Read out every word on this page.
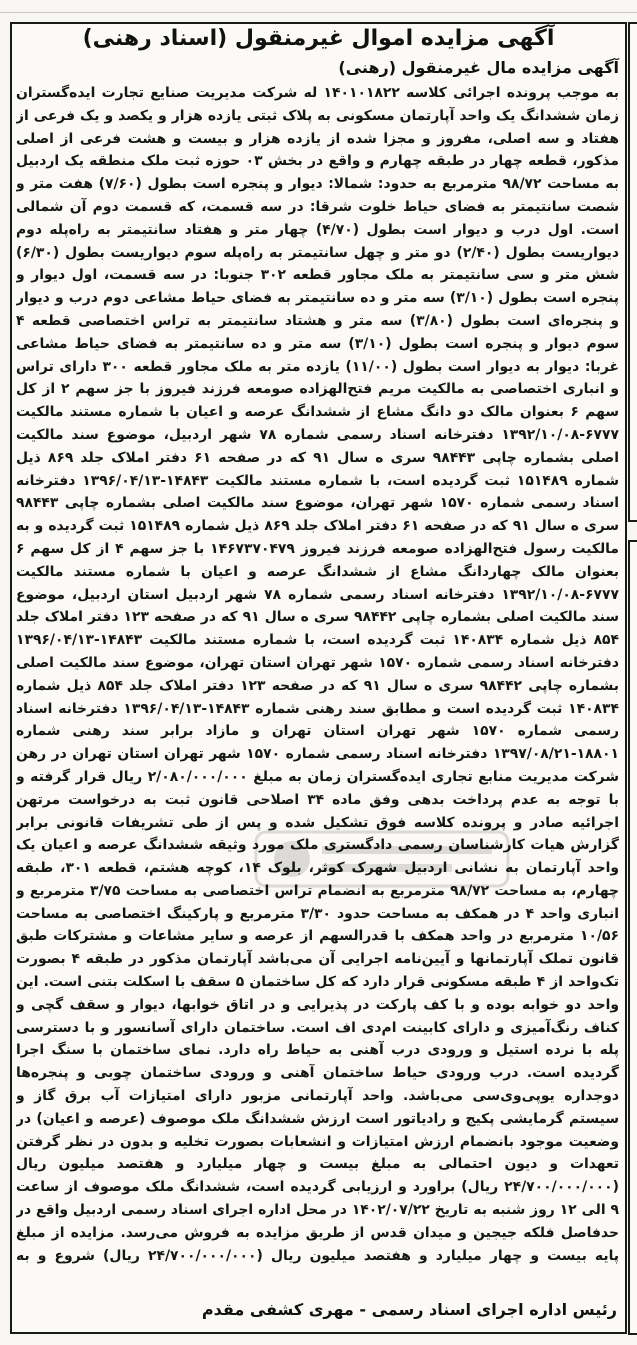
آگهی مزایده اموال غیرمنقول (اسناد رهنی)
آگهی مزایده مال غیرمنقول (رهنی)
به موجب پرونده اجرائی کلاسه ۱۴۰۱۰۱۸۲۲ له شرکت مدیریت صنایع تجارت ایده‌گستران زمان ششدانگ یک واحد آپارتمان مسکونی به پلاک ثبتی یازده هزار و یکصد و یک فرعی از هفتاد و سه اصلی، مفروز و مجزا شده از یازده هزار و بیست و هشت فرعی از اصلی مذکور، قطعه چهار در طبقه چهارم و واقع در بخش ۰۳ حوزه ثبت ملک منطقه یک اردبیل به مساحت ۹۸/۷۲ مترمربع به حدود: شمالا: دیوار و پنجره است بطول (۷/۶۰) هفت متر و شصت سانتیمتر به فضای حیاط خلوت شرقا: در سه قسمت، که قسمت دوم آن شمالی است. اول درب و دیوار است بطول (۴/۷۰) چهار متر و هفتاد سانتیمتر به راه‌پله دوم دیواریست بطول (۲/۴۰) دو متر و چهل سانتیمتر به راه‌پله سوم دیواریست بطول (۶/۳۰) شش متر و سی سانتیمتر به ملک مجاور قطعه ۳۰۲ جنوبا: در سه قسمت، اول دیوار و پنجره است بطول (۳/۱۰) سه متر و ده سانتیمتر به فضای حیاط مشاعی دوم درب و دیوار و پنجره‌ای است بطول (۳/۸۰) سه متر و هشتاد سانتیمتر به تراس اختصاصی قطعه ۴ سوم دیوار و پنجره است بطول (۳/۱۰) سه متر و ده سانتیمتر به فضای حیاط مشاعی غربا: دیوار به دیوار است بطول (۱۱/۰۰) یازده متر به ملک مجاور قطعه ۳۰۰ دارای تراس و انباری اختصاصی به مالکیت مریم فتح‌الهزاده صومعه فرزند فیروز با جز سهم ۲ از کل سهم ۶ بعنوان مالک دو دانگ مشاع از ششدانگ عرصه و اعیان با شماره مستند مالکیت ۶۷۷۷-۱۳۹۲/۱۰/۰۸ دفترخانه اسناد رسمی شماره ۷۸ شهر اردبیل، موضوع سند مالکیت اصلی بشماره چاپی ۹۸۴۴۳ سری ه سال ۹۱ که در صفحه ۶۱ دفتر املاک جلد ۸۶۹ ذیل شماره ۱۵۱۴۸۹ ثبت گردیده است، با شماره مستند مالکیت ۱۴۸۴۳-۱۳۹۶/۰۴/۱۳ دفترخانه اسناد رسمی شماره ۱۵۷۰ شهر تهران، موضوع سند مالکیت اصلی بشماره چاپی ۹۸۴۴۳ سری ه سال ۹۱ که در صفحه ۶۱ دفتر املاک جلد ۸۶۹ ذیل شماره ۱۵۱۴۸۹ ثبت گردیده و به مالکیت رسول فتح‌الهزاده صومعه فرزند فیروز ۱۴۶۷۳۷۰۴۷۹ با جز سهم ۴ از کل سهم ۶ بعنوان مالک چهاردانگ مشاع از ششدانگ عرصه و اعیان با شماره مستند مالکیت ۶۷۷۷-۱۳۹۲/۱۰/۰۸ دفترخانه اسناد رسمی شماره ۷۸ شهر اردبیل استان اردبیل، موضوع سند مالکیت اصلی بشماره چاپی ۹۸۴۴۲ سری ه سال ۹۱ که در صفحه ۱۲۳ دفتر املاک جلد ۸۵۴ ذیل شماره ۱۴۰۸۳۴ ثبت گردیده است، با شماره مستند مالکیت ۱۴۸۴۳-۱۳۹۶/۰۴/۱۳ دفترخانه اسناد رسمی شماره ۱۵۷۰ شهر تهران استان تهران، موضوع سند مالکیت اصلی بشماره چاپی ۹۸۴۴۲ سری ه سال ۹۱ که در صفحه ۱۲۳ دفتر املاک جلد ۸۵۴ ذیل شماره ۱۴۰۸۳۴ ثبت گردیده است و مطابق سند رهنی شماره ۱۴۸۴۳-۱۳۹۶/۰۴/۱۳ دفترخانه اسناد رسمی شماره ۱۵۷۰ شهر تهران استان تهران و مازاد برابر سند رهنی شماره ۱۸۸۰۱-۱۳۹۷/۰۸/۲۱ دفترخانه اسناد رسمی شماره ۱۵۷۰ شهر تهران استان تهران در رهن شرکت مدیریت منابع تجاری ایده‌گستران زمان به مبلغ ۲/۰۸۰/۰۰۰/۰۰۰ ریال قرار گرفته و با توجه به عدم پرداخت بدهی وفق ماده ۳۴ اصلاحی قانون ثبت به درخواست مرتهن اجرائیه صادر و پرونده کلاسه فوق تشکیل شده و پس از طی تشریفات قانونی برابر گزارش هیات کارشناسان رسمی دادگستری ملک مورد وثیقه ششدانگ عرصه و اعیان یک واحد آپارتمان به نشانی اردبیل شهرک کوثر، بلوک ۱۴، کوچه هشتم، قطعه ۳۰۱، طبقه چهارم، به مساحت ۹۸/۷۲ مترمربع به انضمام تراس اختصاصی به مساحت ۳/۷۵ مترمربع و انباری واحد ۴ در همکف به مساحت حدود ۳/۳۰ مترمربع و پارکینگ اختصاصی به مساحت ۱۰/۵۶ مترمربع در واحد همکف با قدرالسهم از عرصه و سایر مشاعات و مشترکات طبق قانون تملک آپارتمانها و آیین‌نامه اجرایی آن می‌باشد آپارتمان مذکور در طبقه ۴ بصورت تک‌واحد از ۴ طبقه مسکونی قرار دارد که کل ساختمان ۵ سقف با اسکلت بتنی است. این واحد دو خوابه بوده و با کف پارکت در پذیرایی و در اتاق خوابها، دیوار و سقف گچی و کناف رنگ‌آمیزی و دارای کابینت ام‌دی اف است. ساختمان دارای آسانسور و با دسترسی پله با نرده استیل و ورودی درب آهنی به حیاط راه دارد. نمای ساختمان با سنگ اجرا گردیده است. درب ورودی حیاط ساختمان آهنی و ورودی ساختمان چوبی و پنجره‌ها دوجداره یوپی‌وی‌سی می‌باشد. واحد آپارتمانی مزبور دارای امتیازات آب برق گاز و سیستم گرمایشی پکیج و رادیاتور است ارزش ششدانگ ملک موصوف (عرصه و اعیان) در وضعیت موجود بانضمام ارزش امتیازات و انشعابات بصورت تخلیه و بدون در نظر گرفتن تعهدات و دیون احتمالی به مبلغ بیست و چهار میلیارد و هفتصد میلیون ریال (۲۴/۷۰۰/۰۰۰/۰۰۰ ریال) براورد و ارزیابی گردیده است، ششدانگ ملک موصوف از ساعت ۹ الی ۱۲ روز شنبه به تاریخ ۱۴۰۲/۰۷/۲۲ در محل اداره اجرای اسناد رسمی اردبیل واقع در حدفاصل فلکه جیجین و میدان قدس از طریق مزایده به فروش می‌رسد. مزایده از مبلغ پایه بیست و چهار میلیارد و هفتصد میلیون ریال (۲۴/۷۰۰/۰۰۰/۰۰۰ ریال) شروع و به
رئیس اداره اجرای اسناد رسمی - مهری کشفی مقدم
